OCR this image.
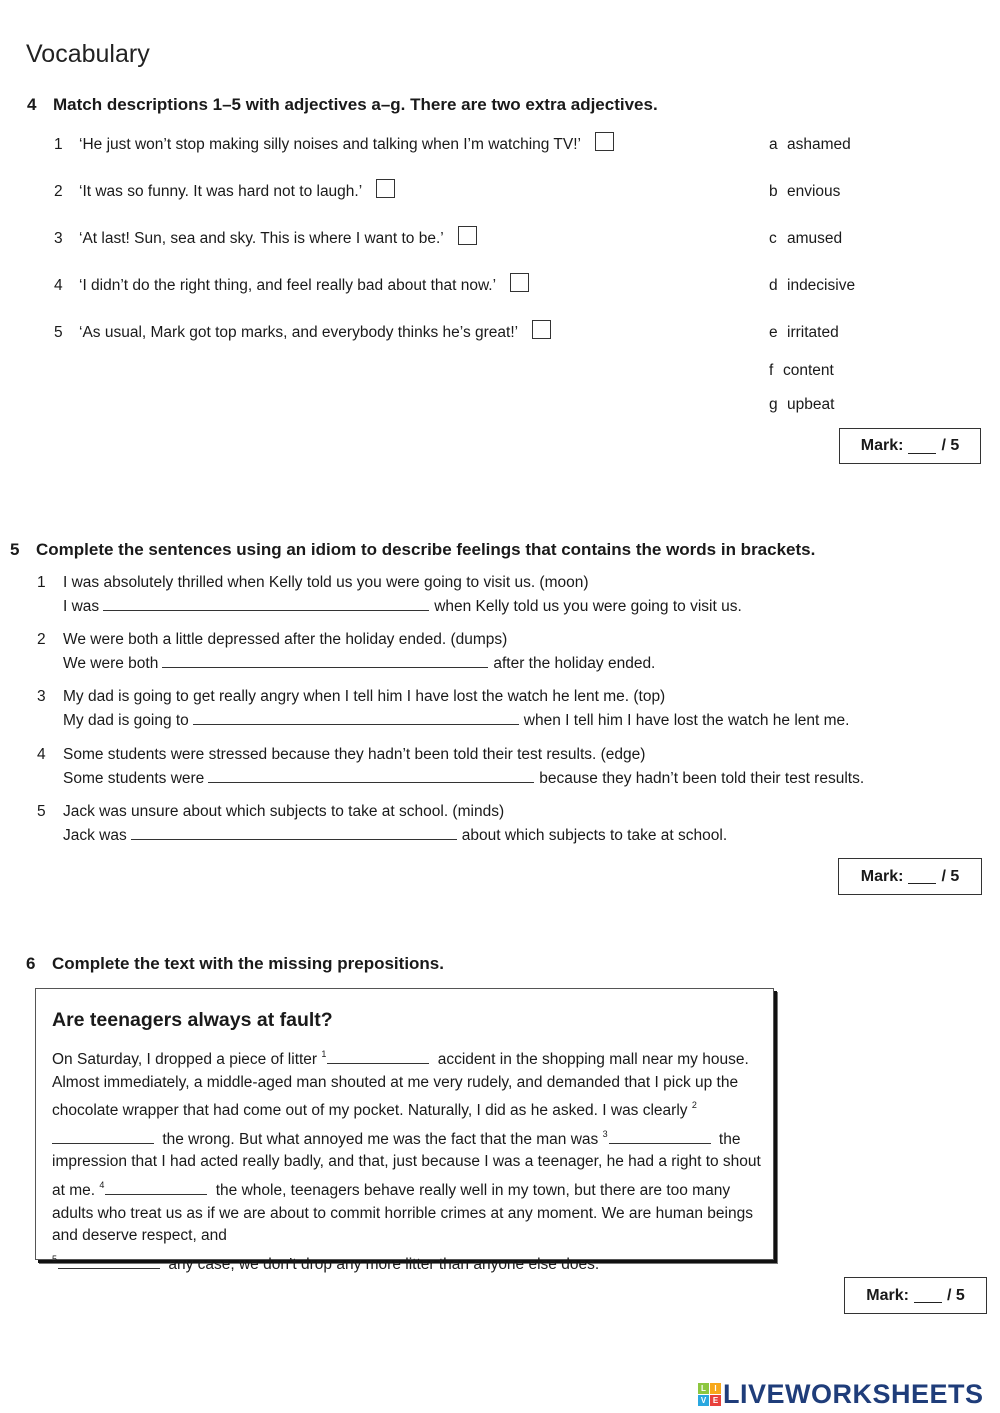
Vocabulary
4 Match descriptions 1–5 with adjectives a–g. There are two extra adjectives.
1	‘He just won’t stop making silly noises and talking when I’m watching TV!’
2	‘It was so funny. It was hard not to laugh.’
3	‘At last! Sun, sea and sky. This is where I want to be.’
4	‘I didn’t do the right thing, and feel really bad about that now.’
5	‘As usual, Mark got top marks, and everybody thinks he’s great!’
a ashamed
b envious
c amused
d indecisive
e irritated
f content
g upbeat
Mark: / 5
5 Complete the sentences using an idiom to describe feelings that contains the words in brackets.
1 I was absolutely thrilled when Kelly told us you were going to visit us. (moon)
I was	when Kelly told us you were going to visit us.
2 We were both a little depressed after the holiday ended. (dumps)
We were both	after the holiday ended.
3 My dad is going to get really angry when I tell him I have lost the watch he lent me. (top)
My dad is going to	when I tell him I have lost the watch he lent me.
4 Some students were stressed because they hadn’t been told their test results. (edge)
Some students were	because they hadn’t been told their test results.
5 Jack was unsure about which subjects to take at school. (minds)
Jack was	about which subjects to take at school.
Mark: / 5
6 Complete the text with the missing prepositions.
Are teenagers always at fault?
On Saturday, I dropped a piece of litter $^1$	accident in the shopping mall near my house. Almost immediately, a middle-aged man shouted at me very rudely, and demanded that I pick up the chocolate wrapper that had come out of my pocket. Naturally, I did as he asked. I was clearly $^2$ the wrong. But what annoyed me was the fact that the man was $^3$	the impression that I had acted really badly, and that, just because I was a teenager, he had a right to shout at me. $^4$	the whole, teenagers behave really well in my town, but there are too many adults who treat us as if we are about to commit horrible crimes at any moment. We are human beings and deserve respect, and
$^5$	any case, we don’t drop any more litter than anyone else does.
Mark: / 5
L	I
V E LIVEWORKSHEETS
